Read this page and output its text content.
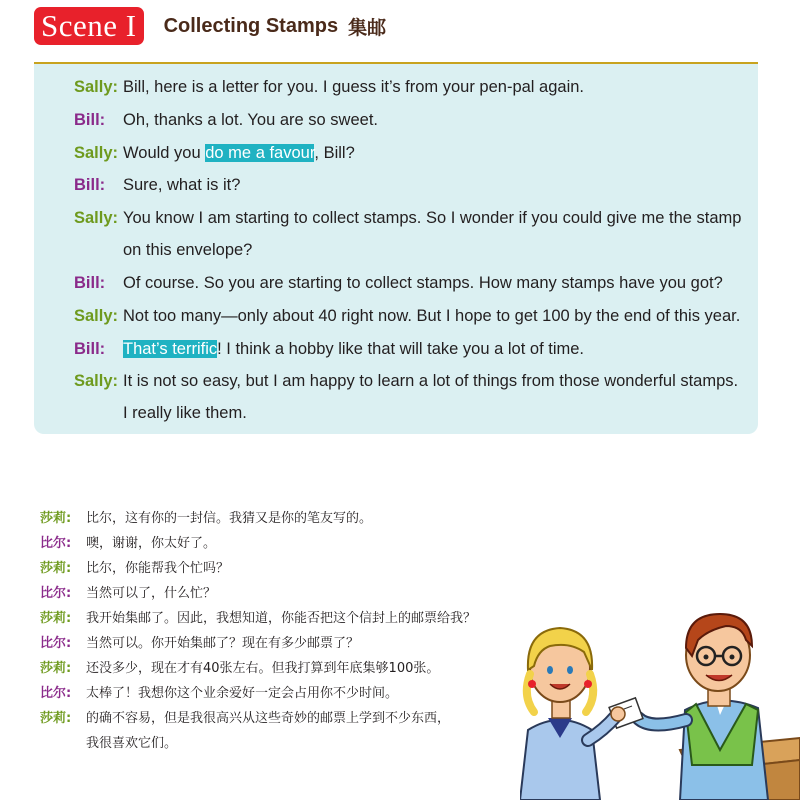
Scene I	Collecting Stamps 集邮
Sally: Bill, here is a letter for you. I guess it’s from your pen-pal again.
Bill: Oh, thanks a lot. You are so sweet.
Sally: Would you do me a favour, Bill?
Bill: Sure, what is it?
Sally: You know I am starting to collect stamps. So I wonder if you could give me the stamp
on this envelope?
Bill: Of course. So you are starting to collect stamps. How many stamps have you got?
Sally: Not too many—only about 40 right now. But I hope to get 100 by the end of this year.
Bill: That’s terrific! I think a hobby like that will take you a lot of time.
Sally: It is not so easy, but I am happy to learn a lot of things from those wonderful stamps.
I really like them.
莎莉: 比尔，这有你的一封信。我猜又是你的笔友写的。
比尔: 噢，谢谢，你太好了。
莎莉: 比尔，你能帮我个忙吗？
比尔: 当然可以了，什么忙？
莎莉: 我开始集邮了。因此，我想知道，你能否把这个信封上的邮票给我？
比尔: 当然可以。你开始集邮了？现在有多少邮票了？
莎莉: 还没多少，现在才有40张左右。但我打算到年底集够100张。
比尔: 太棒了！我想你这个业余爱好一定会占用你不少时间。
莎莉: 的确不容易，但是我很高兴从这些奇妙的邮票上学到不少东西，
我很喜欢它们。
